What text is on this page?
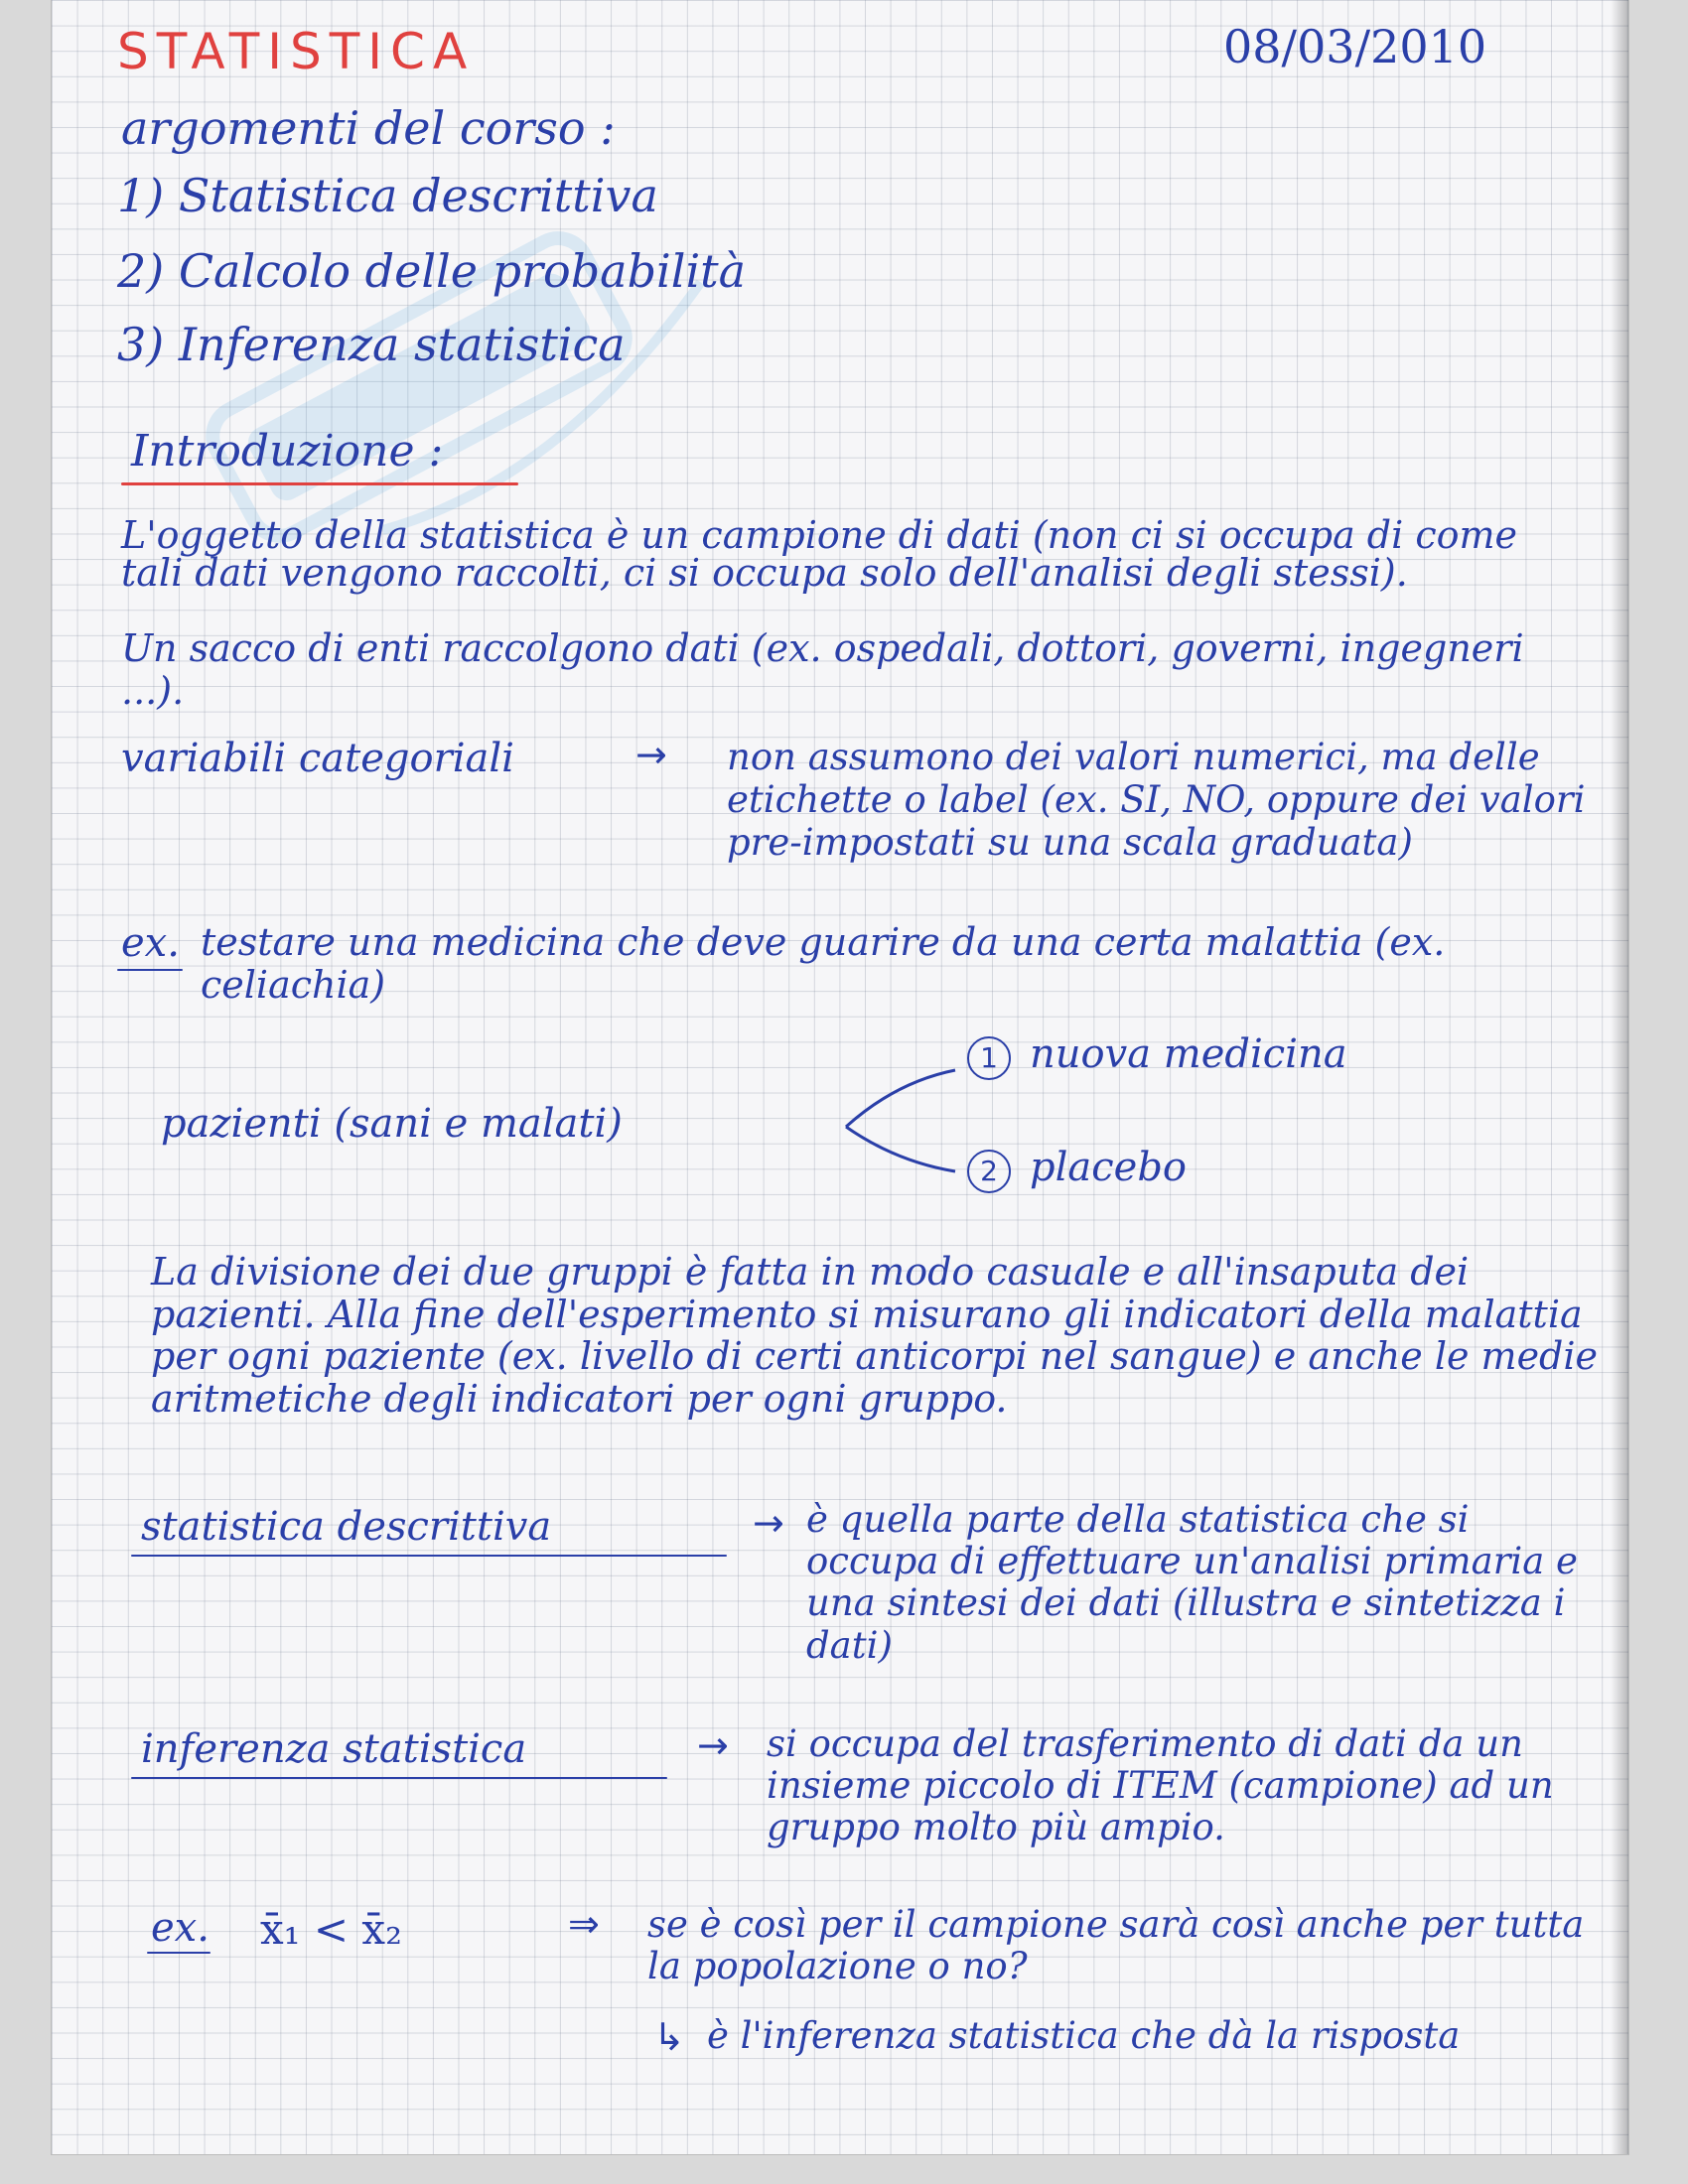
STATISTICA	08/03/2010

argomenti del corso :

1) Statistica descrittiva

2) Calcolo delle probabilità

3) Inferenza statistica

Introduzione :

L'oggetto della statistica è un campione di dati (non ci si occupa di come tali dati vengono raccolti, ci si occupa solo dell'analisi degli stessi).

Un sacco di enti raccolgono dati (ex. ospedali, dottori, governi, ingegneri ...).

variabili categoriali	→ non assumono dei valori numerici, ma delle etichette o label (ex. SI, NO, oppure dei valori pre-impostati su una scala graduata)

ex. testare una medicina che deve guarire da una certa malattia (ex. celiachia)

pazienti (sani e malati)

1 nuova medicina

2 placebo

La divisione dei due gruppi è fatta in modo casuale e all'insaputa dei pazienti. Alla fine dell'esperimento si misurano gli indicatori della malattia per ogni paziente (ex. livello di certi anticorpi nel sangue) e anche le medie aritmetiche degli indicatori per ogni gruppo.

statistica descrittiva	→ è quella parte della statistica che si occupa di effettuare un'analisi primaria e una sintesi dei dati (illustra e sintetizza i dati)

inferenza statistica	→ si occupa del trasferimento di dati da un insieme piccolo di ITEM (campione) ad un gruppo molto più ampio.

ex. x̄₁ < x̄₂	⇒ se è così per il campione sarà così anche per tutta la popolazione o no?

↳ è l'inferenza statistica che dà la risposta
